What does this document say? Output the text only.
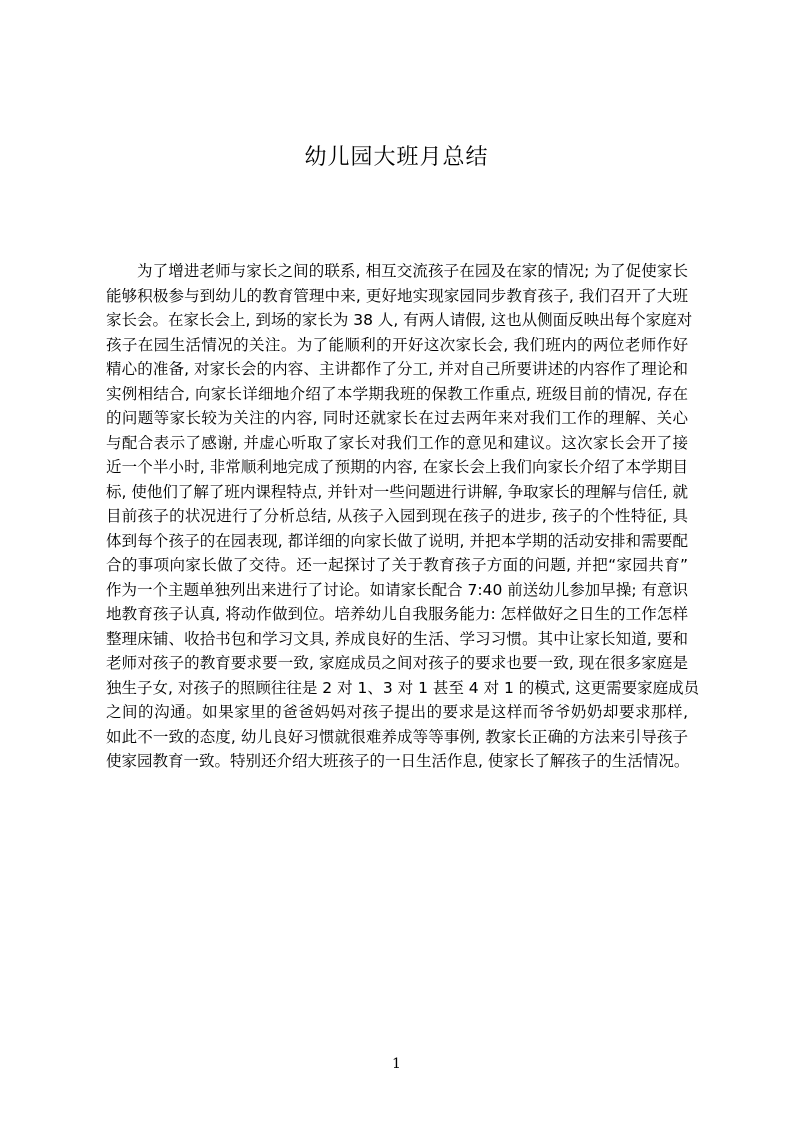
幼儿园大班月总结
为了增进老师与家长之间的联系, 相互交流孩子在园及在家的情况; 为了促使家长
能够积极参与到幼儿的教育管理中来, 更好地实现家园同步教育孩子, 我们召开了大班
家长会。在家长会上, 到场的家长为 38 人, 有两人请假, 这也从侧面反映出每个家庭对
孩子在园生活情况的关注。为了能顺利的开好这次家长会, 我们班内的两位老师作好
精心的准备, 对家长会的内容、主讲都作了分工, 并对自己所要讲述的内容作了理论和
实例相结合, 向家长详细地介绍了本学期我班的保教工作重点, 班级目前的情况, 存在
的问题等家长较为关注的内容, 同时还就家长在过去两年来对我们工作的理解、关心
与配合表示了感谢, 并虚心听取了家长对我们工作的意见和建议。这次家长会开了接
近一个半小时, 非常顺利地完成了预期的内容, 在家长会上我们向家长介绍了本学期目
标, 使他们了解了班内课程特点, 并针对一些问题进行讲解, 争取家长的理解与信任, 就
目前孩子的状况进行了分析总结, 从孩子入园到现在孩子的进步, 孩子的个性特征, 具
体到每个孩子的在园表现, 都详细的向家长做了说明, 并把本学期的活动安排和需要配
合的事项向家长做了交待。还一起探讨了关于教育孩子方面的问题, 并把“家园共育”
作为一个主题单独列出来进行了讨论。如请家长配合 7:40 前送幼儿参加早操; 有意识
地教育孩子认真, 将动作做到位。培养幼儿自我服务能力: 怎样做好之日生的工作怎样
整理床铺、收拾书包和学习文具, 养成良好的生活、学习习惯。其中让家长知道, 要和
老师对孩子的教育要求要一致, 家庭成员之间对孩子的要求也要一致, 现在很多家庭是
独生子女, 对孩子的照顾往往是 2 对 1、3 对 1 甚至 4 对 1 的模式, 这更需要家庭成员
之间的沟通。如果家里的爸爸妈妈对孩子提出的要求是这样而爷爷奶奶却要求那样,
如此不一致的态度, 幼儿良好习惯就很难养成等等事例, 教家长正确的方法来引导孩子
使家园教育一致。特别还介绍大班孩子的一日生活作息, 使家长了解孩子的生活情况。
1
